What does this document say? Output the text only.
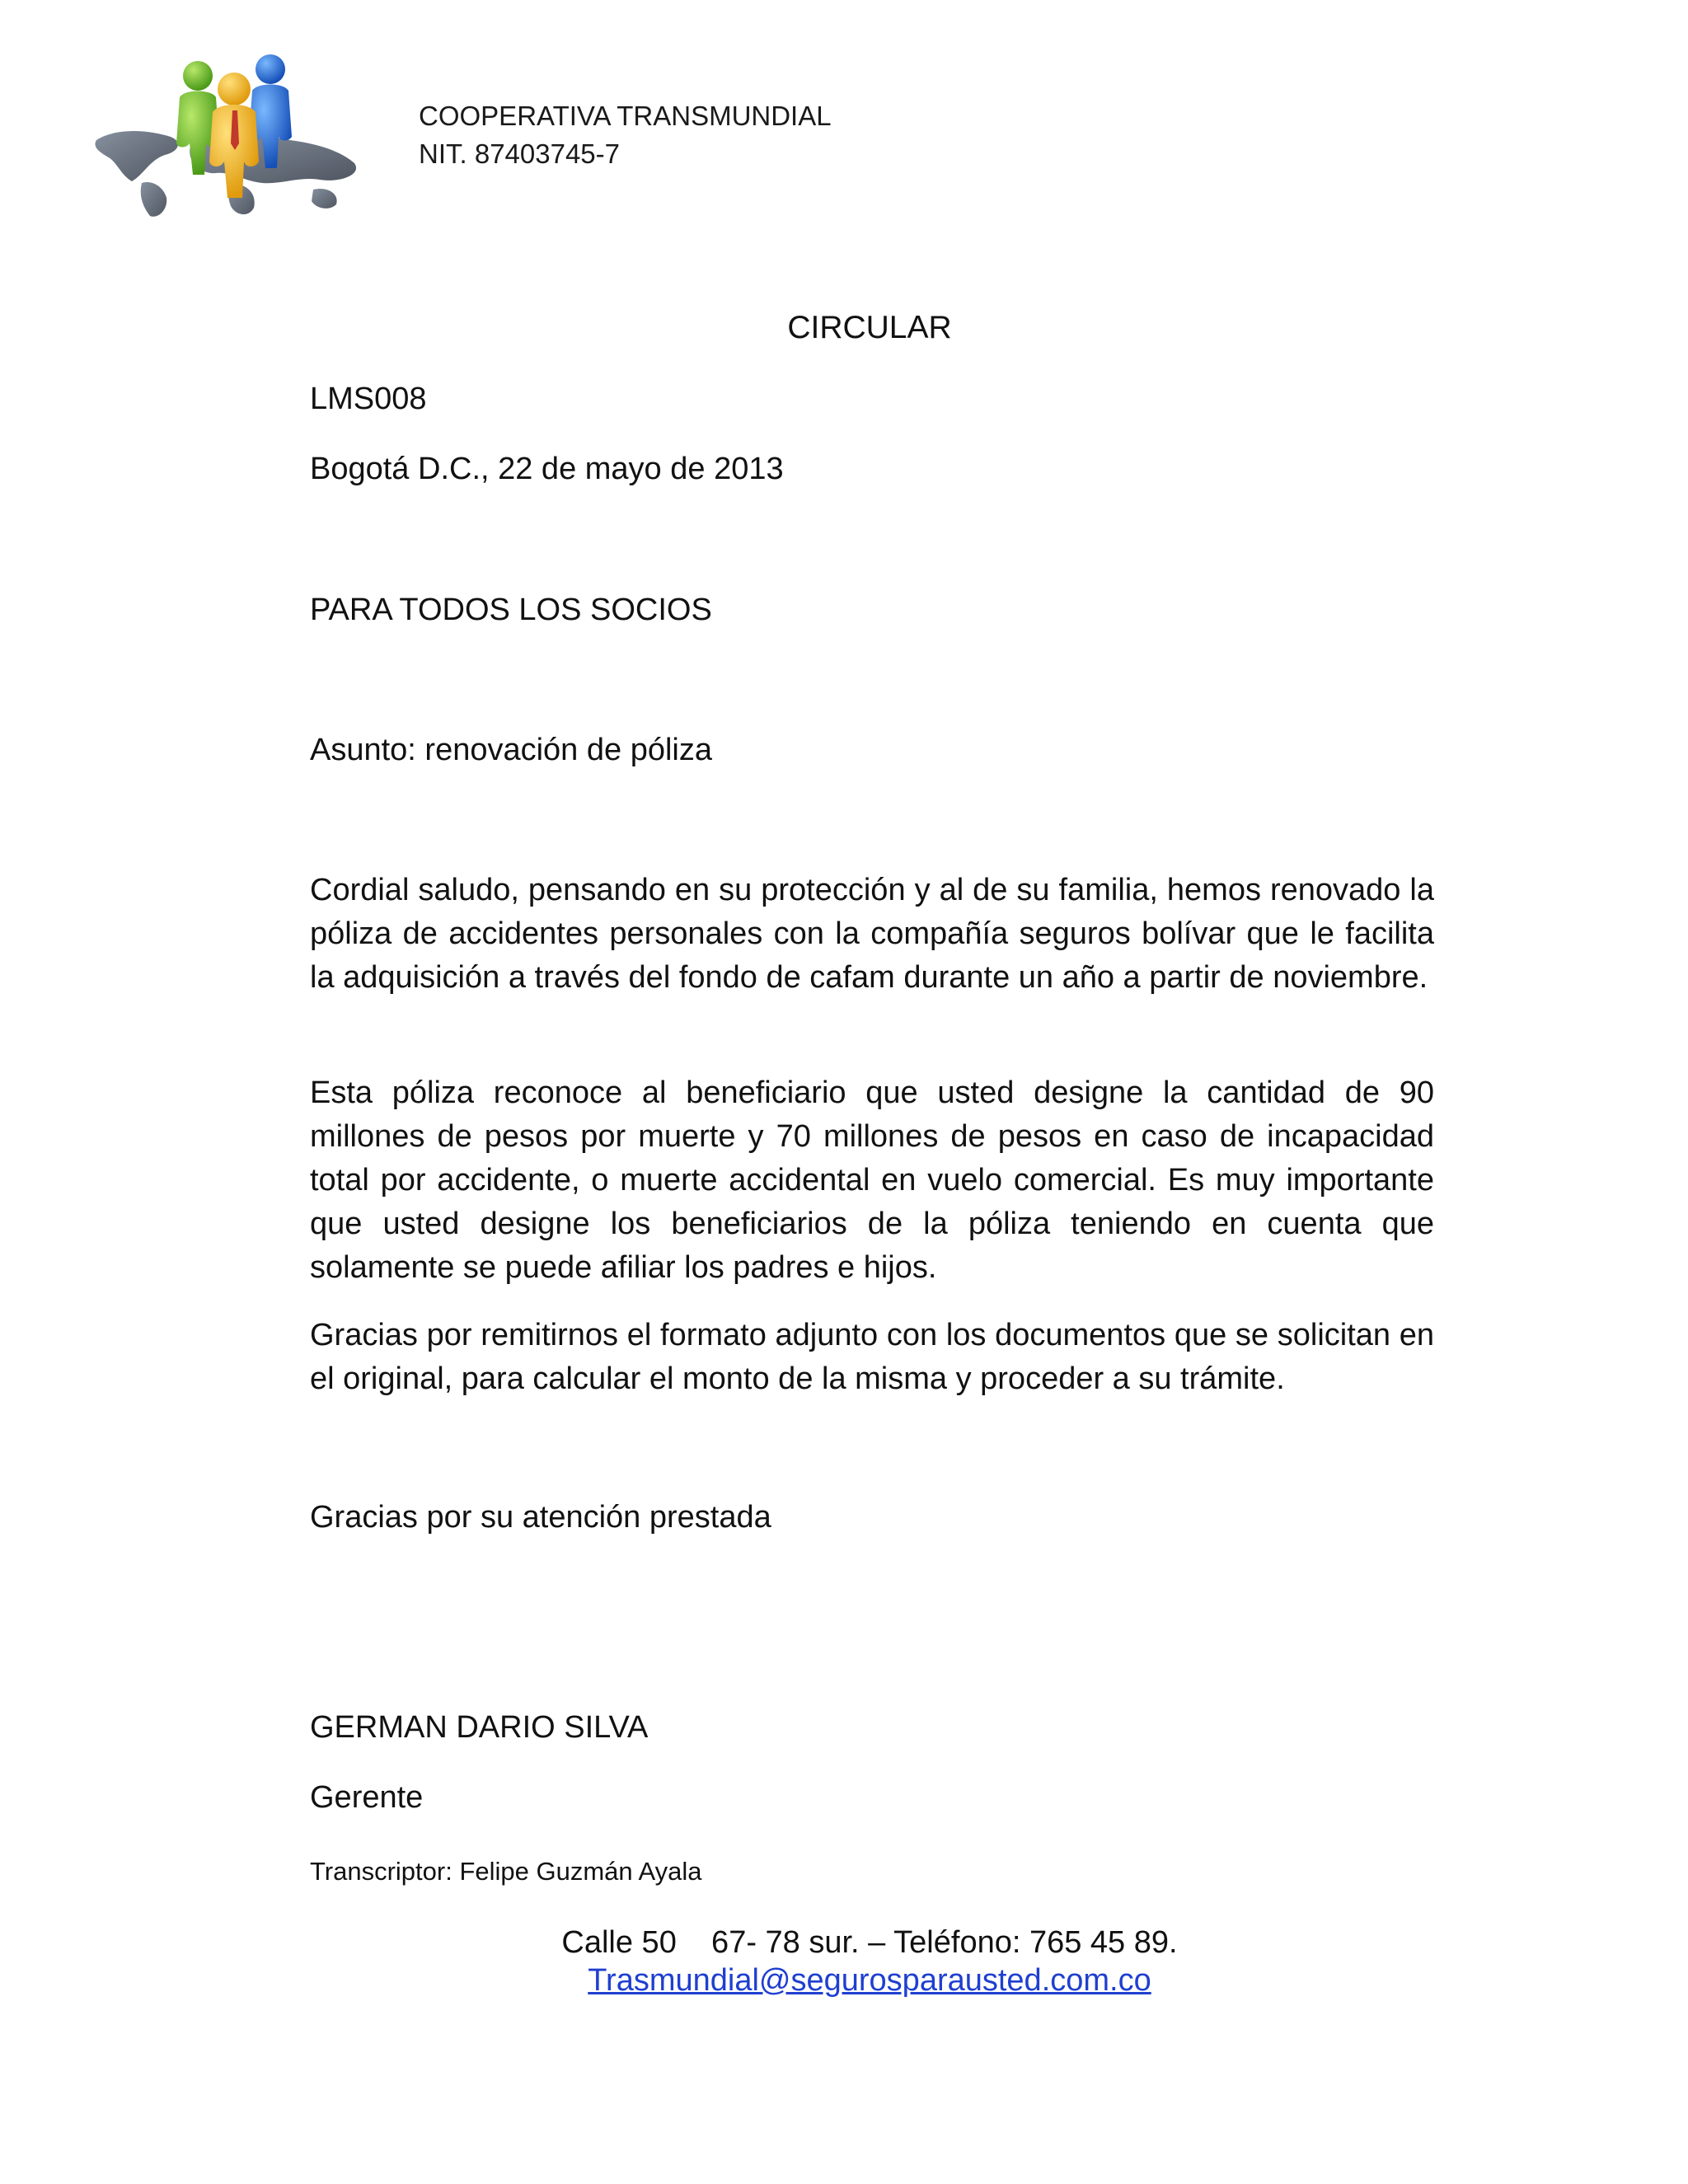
COOPERATIVA TRANSMUNDIAL
NIT. 87403745-7
CIRCULAR
LMS008
Bogotá D.C., 22 de mayo de 2013
PARA TODOS LOS SOCIOS
Asunto: renovación de póliza
Cordial saludo, pensando en su protección y al de su familia, hemos renovado la póliza de accidentes personales con la compañía seguros bolívar que le facilita la adquisición a través del fondo de cafam durante un año a partir de noviembre.
Esta póliza reconoce al beneficiario que usted designe la cantidad de 90 millones de pesos por muerte y 70 millones de pesos en caso de incapacidad total por accidente, o muerte accidental en vuelo comercial. Es muy importante que usted designe los beneficiarios de la póliza teniendo en cuenta que solamente se puede afiliar los padres e hijos.
Gracias por remitirnos el formato adjunto con los documentos que se solicitan en el original, para calcular el monto de la misma y proceder a su trámite.
Gracias por su atención prestada
GERMAN DARIO SILVA
Gerente
Transcriptor: Felipe Guzmán Ayala
Calle 50    67- 78 sur. – Teléfono: 765 45 89.
Trasmundial@segurosparausted.com.co
